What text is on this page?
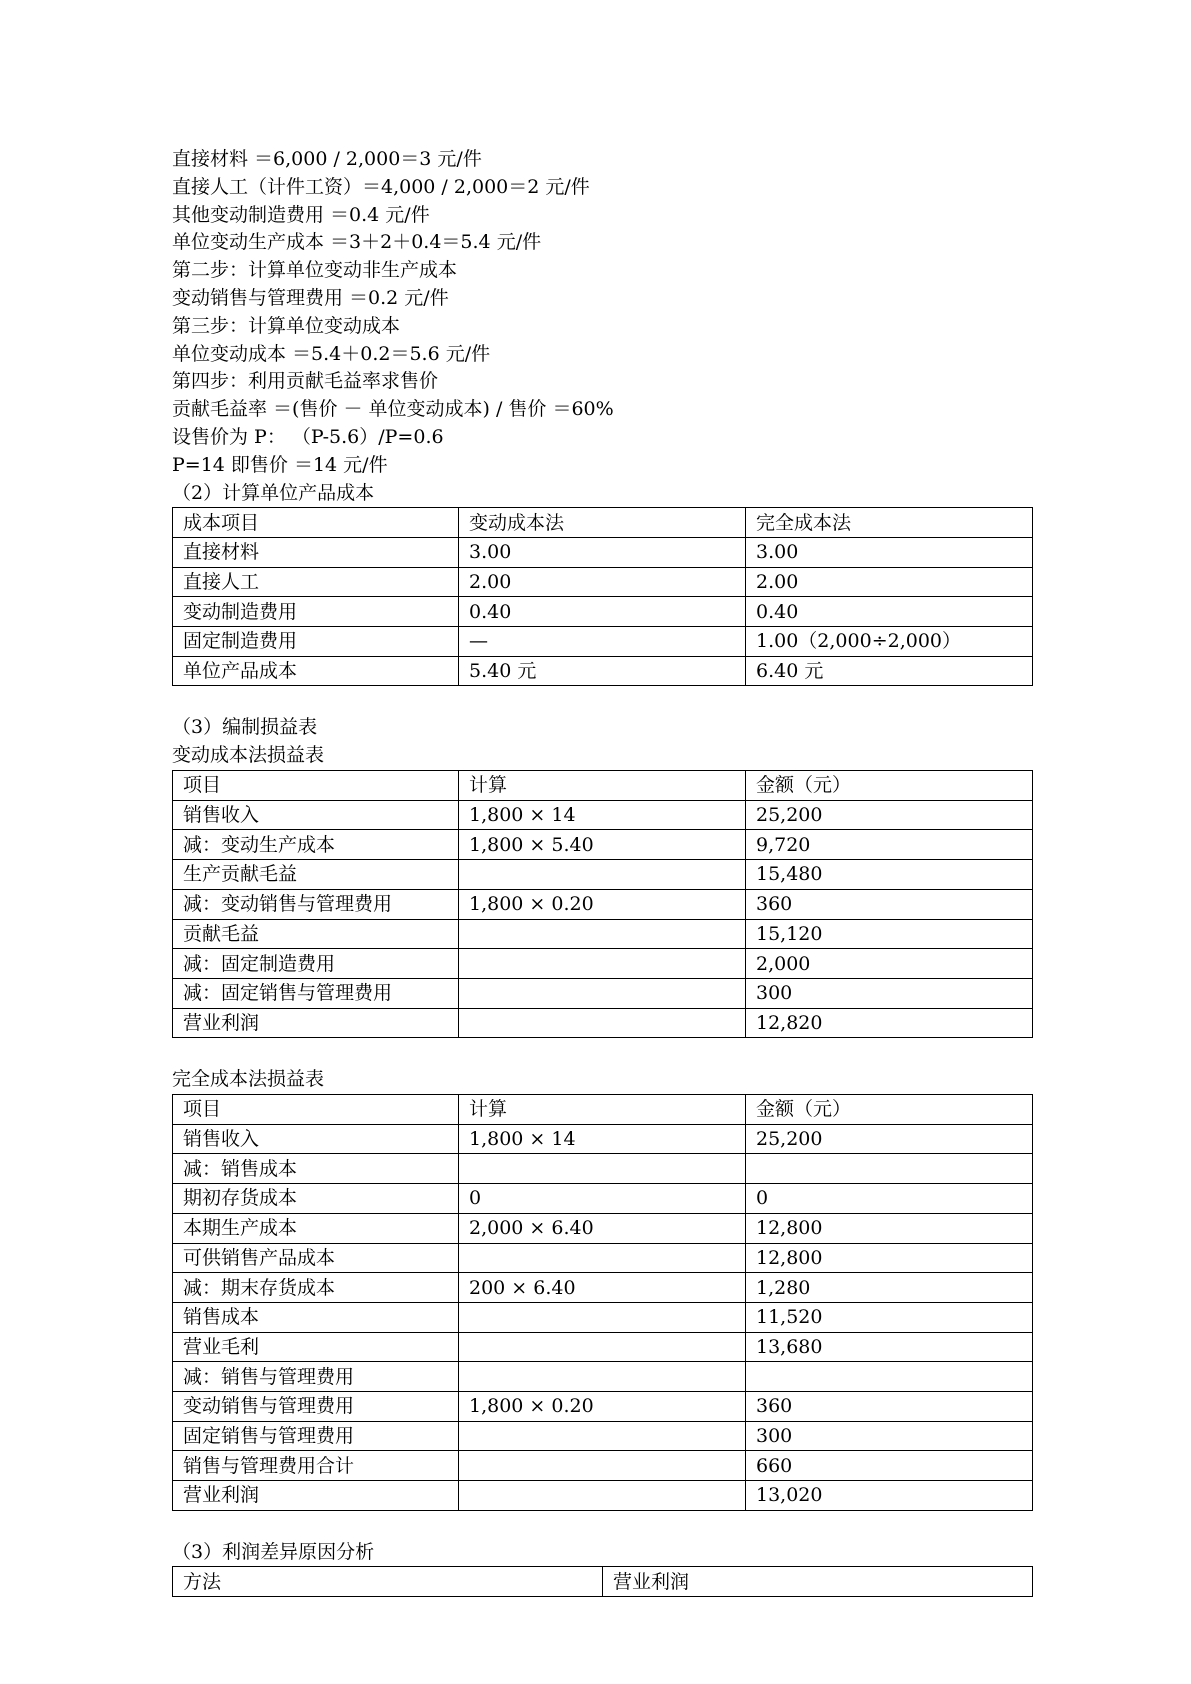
直接材料 ＝6,000 / 2,000＝3 元/件
直接人工（计件工资）＝4,000 / 2,000＝2 元/件
其他变动制造费用 ＝0.4 元/件
单位变动生产成本 ＝3＋2＋0.4＝5.4 元/件
第二步：计算单位变动非生产成本
变动销售与管理费用 ＝0.2 元/件
第三步：计算单位变动成本
单位变动成本 ＝5.4＋0.2＝5.6 元/件
第四步：利用贡献毛益率求售价
贡献毛益率 ＝(售价 － 单位变动成本) / 售价 ＝60%
设售价为 P： （P-5.6）/P=0.6
P=14 即售价 ＝14 元/件
（2）计算单位产品成本
成本项目	变动成本法	完全成本法
直接材料	3.00	3.00
直接人工	2.00	2.00
变动制造费用	0.40	0.40
固定制造费用	—	1.00（2,000÷2,000）
单位产品成本	5.40 元	6.40 元
（3）编制损益表
变动成本法损益表
项目	计算	金额（元）
销售收入	1,800 × 14	25,200
减：变动生产成本	1,800 × 5.40	9,720
生产贡献毛益		15,480
减：变动销售与管理费用	1,800 × 0.20	360
贡献毛益		15,120
减：固定制造费用		2,000
减：固定销售与管理费用		300
营业利润		12,820
完全成本法损益表
项目	计算	金额（元）
销售收入	1,800 × 14	25,200
减：销售成本		
期初存货成本	0	0
本期生产成本	2,000 × 6.40	12,800
可供销售产品成本		12,800
减：期末存货成本	200 × 6.40	1,280
销售成本		11,520
营业毛利		13,680
减：销售与管理费用		
变动销售与管理费用	1,800 × 0.20	360
固定销售与管理费用		300
销售与管理费用合计		660
营业利润		13,020
（3）利润差异原因分析
方法	营业利润
